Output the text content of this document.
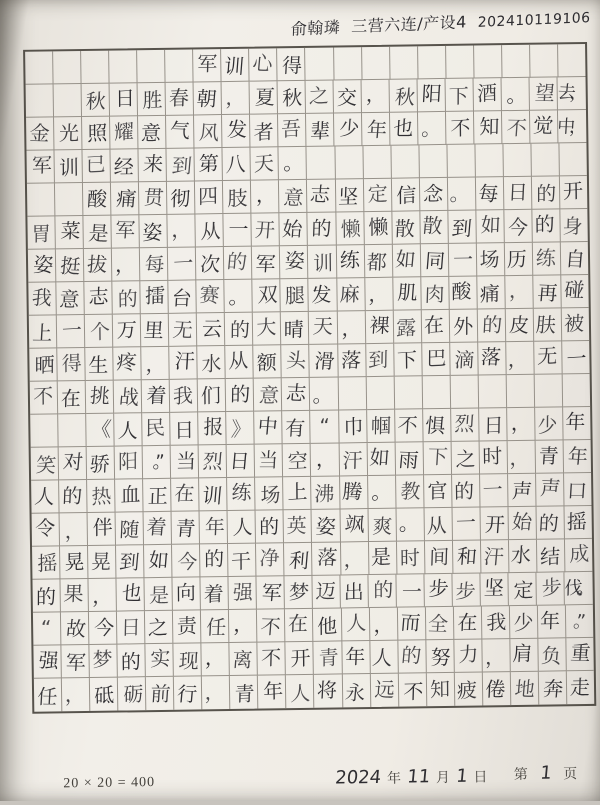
俞翰璘 三营六连/产设4 202410119106
军 训 心 得
秋 日 胜 春 朝 ， 夏 秋 之 交 ， 秋 阳 下 酒 。 望 去，
金 光 照 耀 意 气 风 发 者 吾 辈 少 年 也 。 不 知 不 觉 中，
军 训 已 经 来 到 第 八 天 。
酸 痛 贯 彻 四 肢 ， 意 志 坚 定 信 念 。 每 日 的 开
胃 菜 是 军 姿 ， 从 一 开 始 的 懒 懒 散 散 到 如 今 的 身
姿 挺 拔 ， 每 一 次 的 军 姿 训 练 都 如 同 一 场 历 练 自
我 意 志 的 擂 台 赛 。 双 腿 发 麻 ， 肌 肉 酸 痛 ， 再 碰
上 一 个 万 里 无 云 的 大 晴 天 ， 裸 露 在 外 的 皮 肤 被
晒 得 生 疼 ， 汗 水 从 额 头 滑 落 到 下 巴 滴 落 ， 无 一
不 在 挑 战 着 我 们 的 意 志 。
《 人 民 日 报 》 中 有 “ 巾 帼 不 惧 烈 日 ， 少 年
笑 对 骄 阳 。” 当 烈 日 当 空 ， 汗 如 雨 下 之 时 ， 青 年
人 的 热 血 正 在 训 练 场 上 沸 腾 。 教 官 的 一 声 声 口
令 ， 伴 随 着 青 年 人 的 英 姿 飒 爽 。 从 一 开 始 的 摇
摇 晃 晃 到 如 今 的 干 净 利 落 ， 是 时 间 和 汗 水 结 成
的 果 ， 也 是 向 着 强 军 梦 迈 出 的 一 步 步 坚 定 步 伐。
“ 故 今 日 之 责 任 ， 不 在 他 人 ， 而 全 在 我 少 年 。”
强 军 梦 的 实 现 ， 离 不 开 青 年 人 的 努 力 ， 肩 负 重
任 ， 砥 砺 前 行 ， 青 年 人 将 永 远 不 知 疲 倦 地 奔 走
20 × 20 = 400	2024 年 11 月 1 日 第 1 页
